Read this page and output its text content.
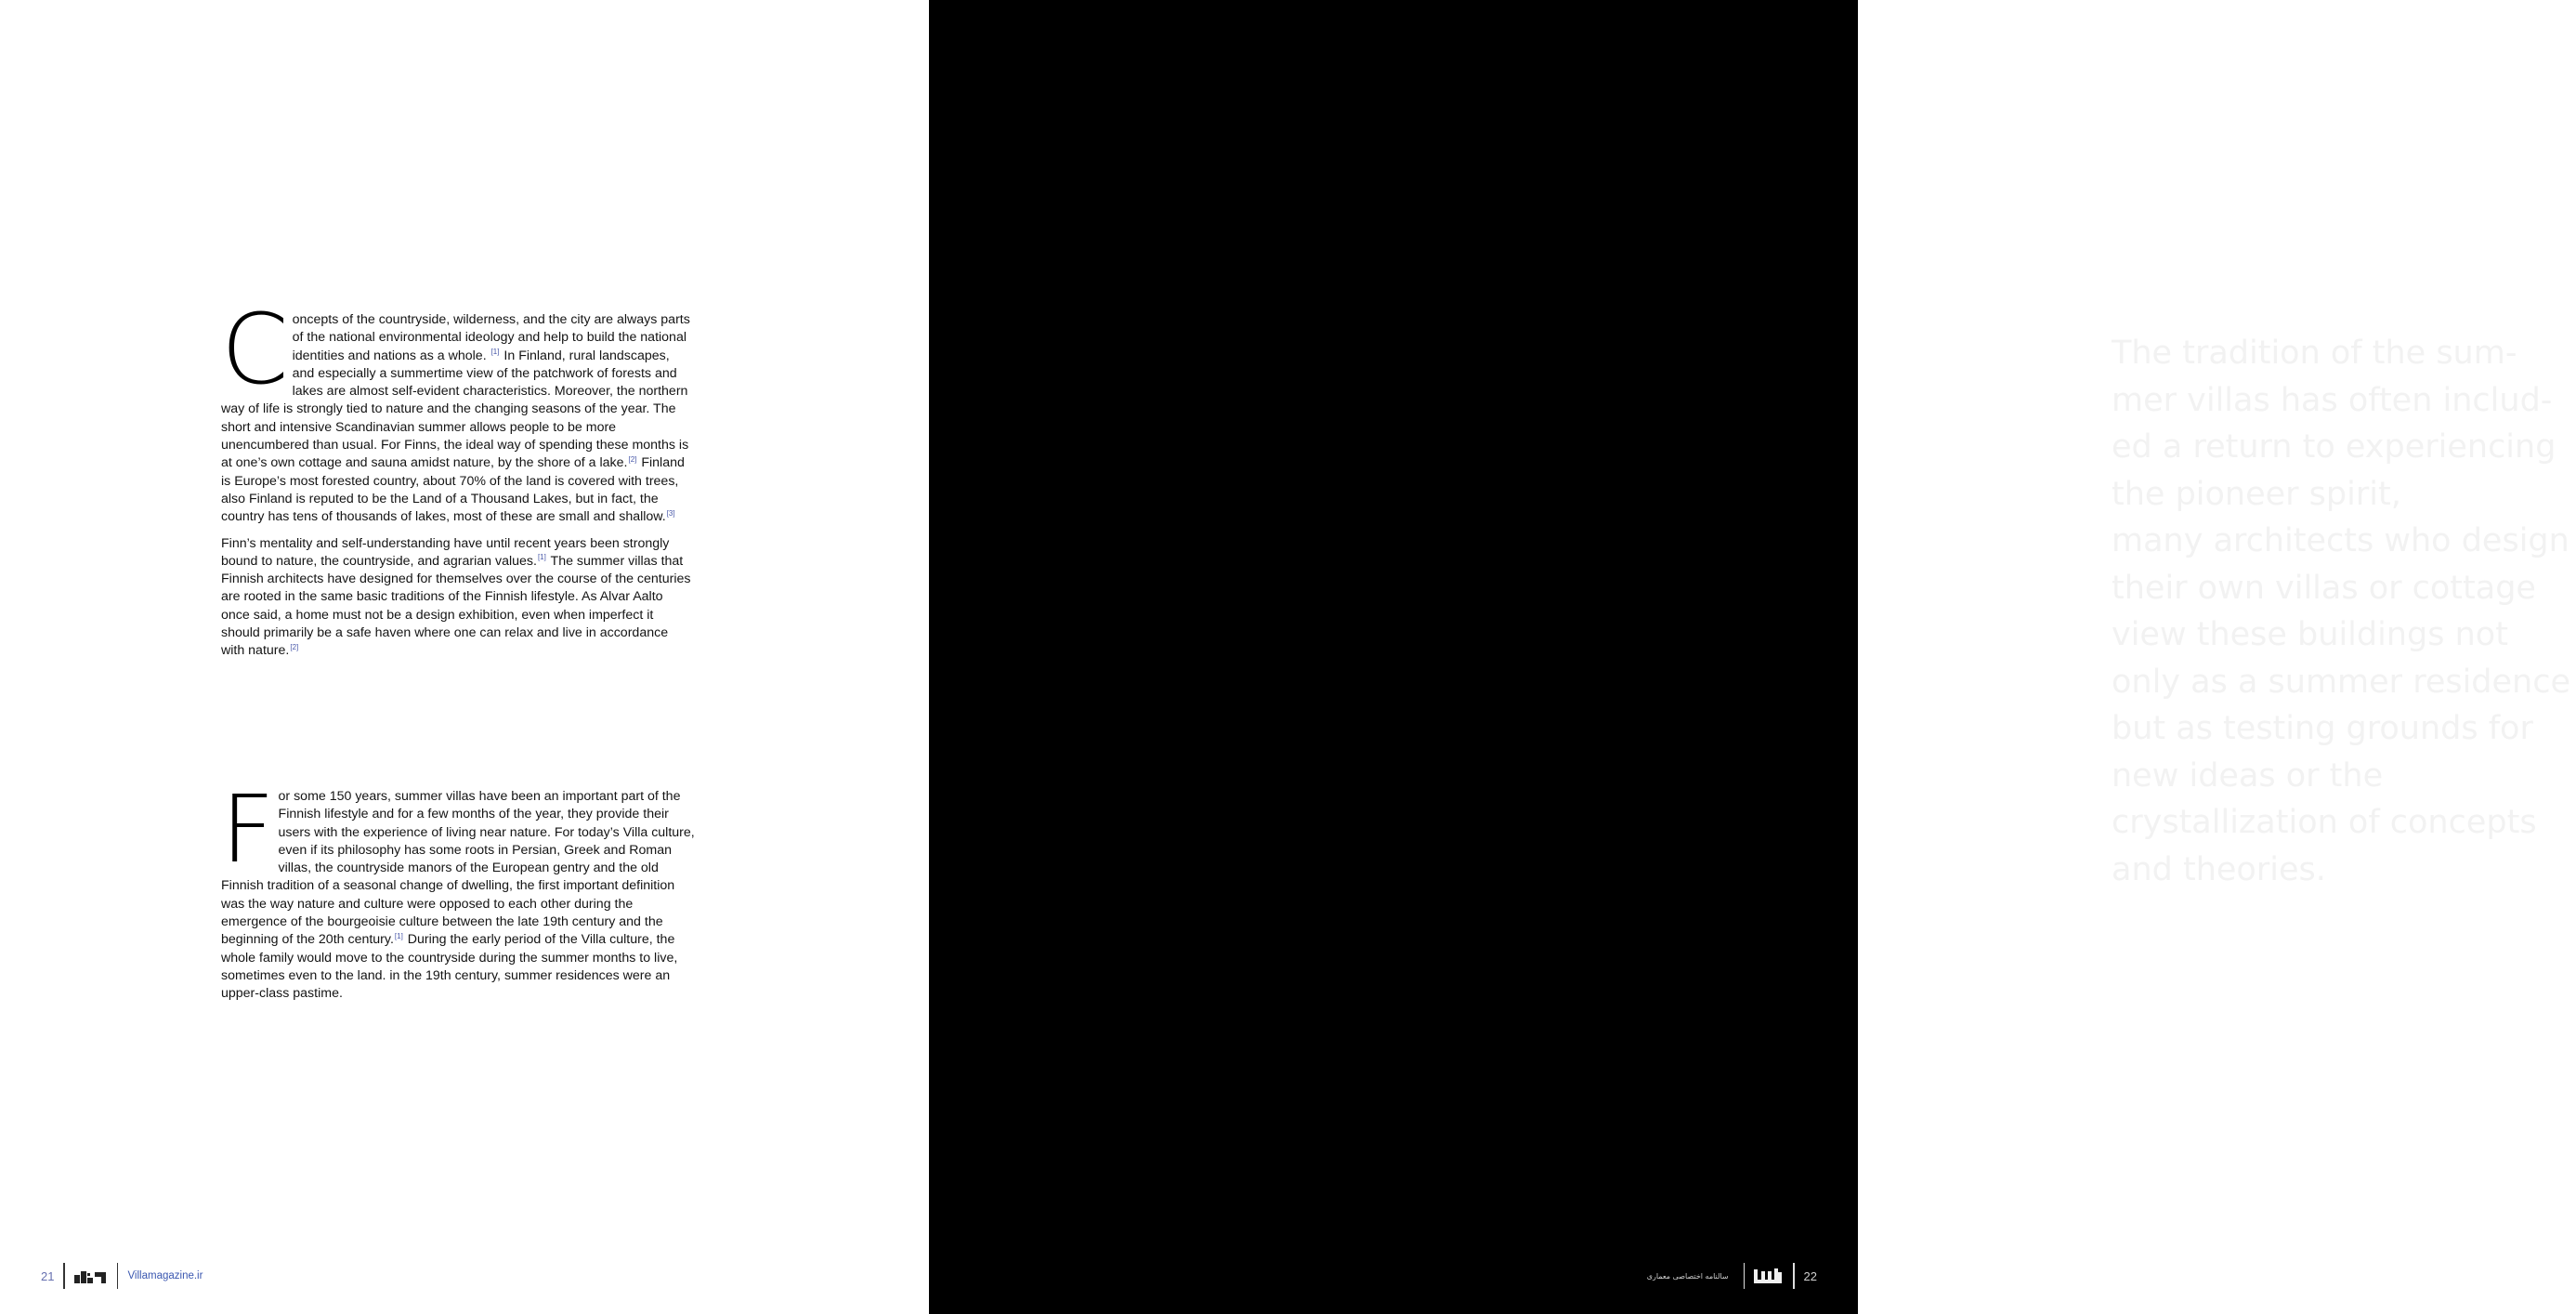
C oncepts of the countryside, wilderness, and the city are always parts of the national environmental ideology and help to build the national identities and nations as a whole. [1] In Finland, rural landscapes, and especially a summertime view of the patchwork of forests and lakes are almost self-evident characteristics. Moreover, the northern way of life is strongly tied to nature and the changing seasons of the year. The short and intensive Scandinavian summer allows people to be more unencumbered than usual. For Finns, the ideal way of spending these months is at one’s own cottage and sauna amidst nature, by the shore of a lake.[2] Finland is Europe’s most forested country, about 70% of the land is covered with trees, also Finland is reputed to be the Land of a Thousand Lakes, but in fact, the country has tens of thousands of lakes, most of these are small and shallow.[3]

Finn’s mentality and self-understanding have until recent years been strongly bound to nature, the countryside, and agrarian values.[1] The summer villas that Finnish architects have designed for themselves over the course of the centuries are rooted in the same basic traditions of the Finnish lifestyle. As Alvar Aalto once said, a home must not be a design exhibition, even when imperfect it should primarily be a safe haven where one can relax and live in accordance with nature.[2]

F or some 150 years, summer villas have been an important part of the Finnish lifestyle and for a few months of the year, they provide their users with the experience of living near nature. For today’s Villa culture, even if its philosophy has some roots in Persian, Greek and Roman villas, the countryside manors of the European gentry and the old Finnish tradition of a seasonal change of dwelling, the first important definition was the way nature and culture were opposed to each other during the emergence of the bourgeoisie culture between the late 19th century and the beginning of the 20th century.[1] During the early period of the Villa culture, the whole family would move to the countryside during the summer months to live, sometimes even to the land. in the 19th century, summer residences were an upper-class pastime.

21	Villamagazine.ir
The tradition of the sum-
mer villas has often includ-
ed a return to experiencing
the pioneer spirit,
many architects who design
their own villas or cottage
view these buildings not
only as a summer residence
but as testing grounds for
new ideas or the
crystallization of concepts
and theories.
سالنامه اختصاصی معماری	22
